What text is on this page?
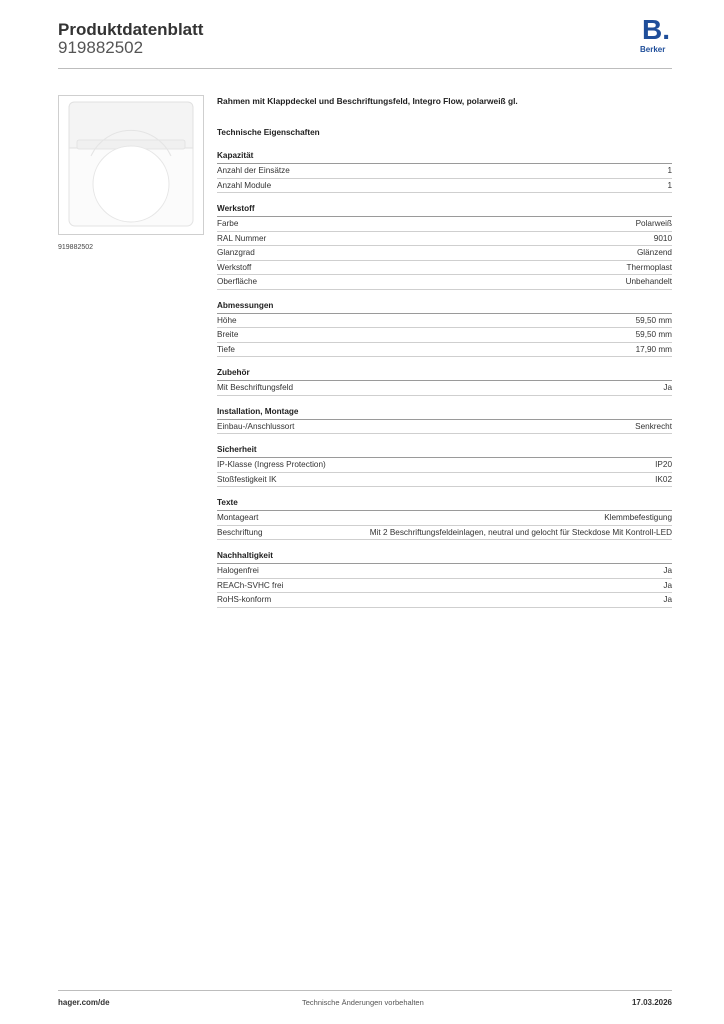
Produktdatenblatt
919882502
B.
Berker
919882502
Rahmen mit Klappdeckel und Beschriftungsfeld, Integro Flow, polarweiß gl.
Technische Eigenschaften
Kapazität
Anzahl der Einsätze	1
Anzahl Module	1
Werkstoff
Farbe	Polarweiß
RAL Nummer	9010
Glanzgrad	Glänzend
Werkstoff	Thermoplast
Oberfläche	Unbehandelt
Abmessungen
Höhe	59,50 mm
Breite	59,50 mm
Tiefe	17,90 mm
Zubehör
Mit Beschriftungsfeld	Ja
Installation, Montage
Einbau-/Anschlussort	Senkrecht
Sicherheit
IP-Klasse (Ingress Protection)	IP20
Stoßfestigkeit IK	IK02
Texte
Montageart	Klemmbefestigung
Beschriftung	Mit 2 Beschriftungsfeldeinlagen, neutral und gelocht für Steckdose Mit Kontroll-LED
Nachhaltigkeit
Halogenfrei	Ja
REACh-SVHC frei	Ja
RoHS-konform	Ja
hager.com/de	Technische Änderungen vorbehalten	17.03.2026
